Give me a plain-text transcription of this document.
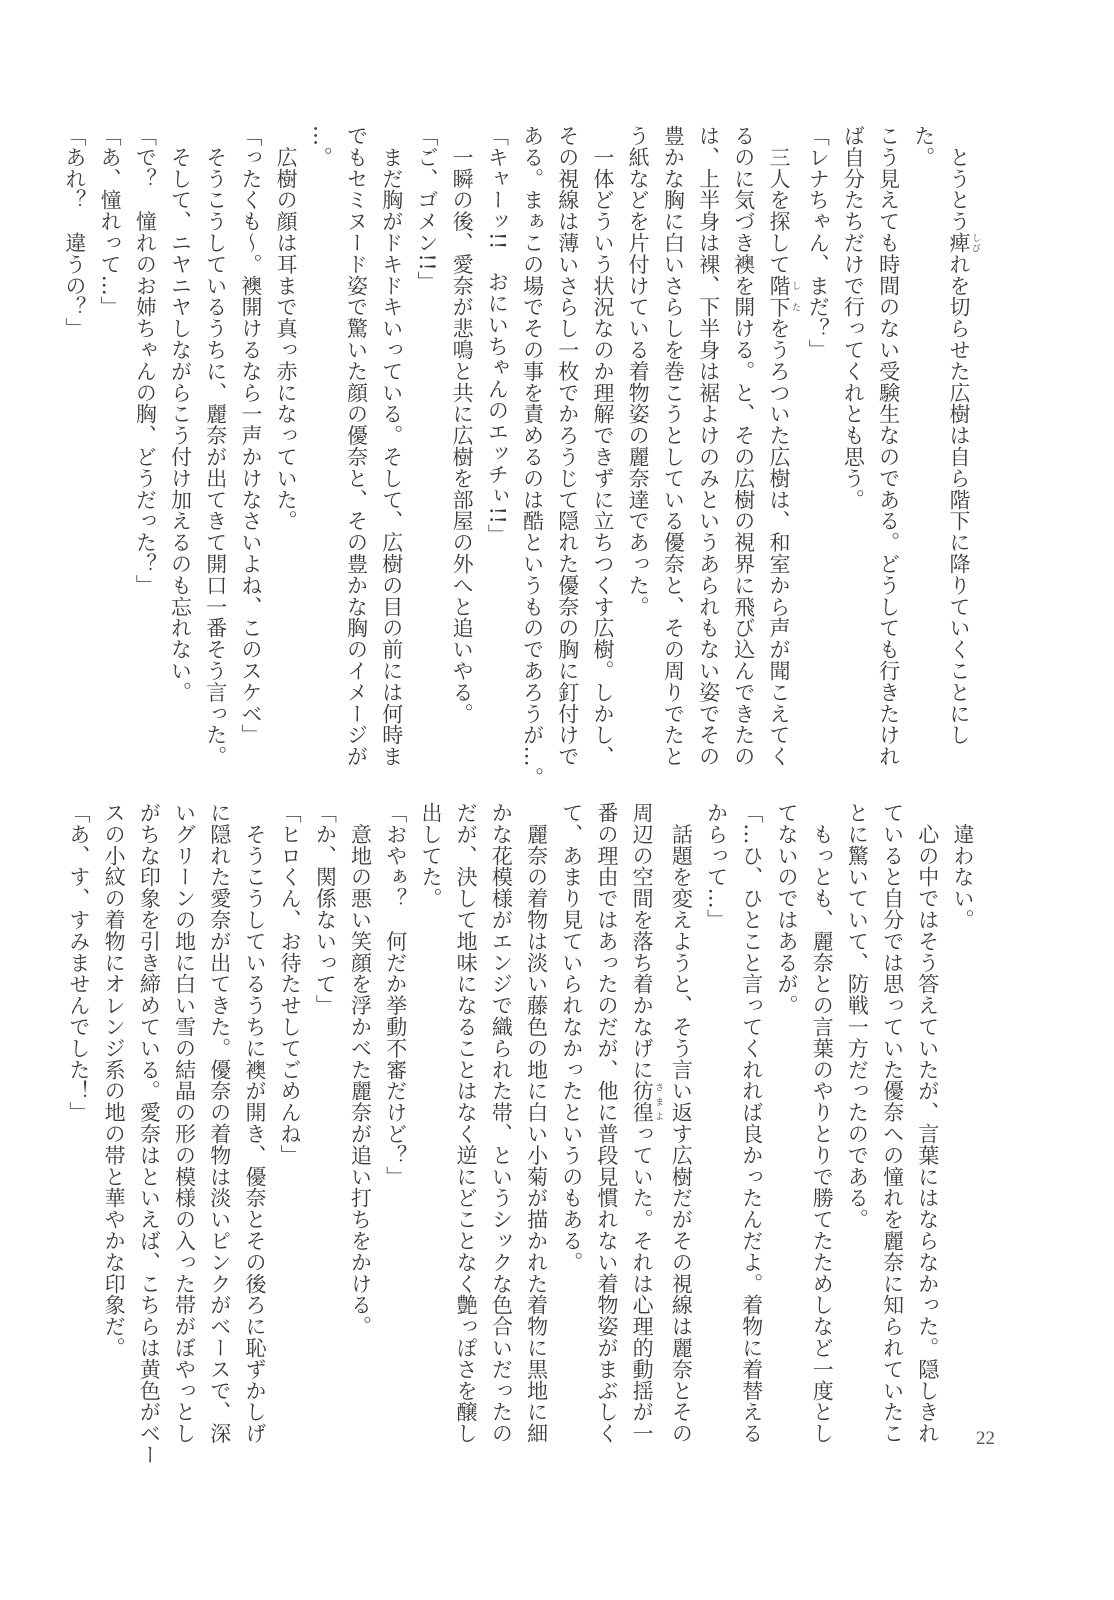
　とうとう痺 しびれを切らせた広樹は自ら階下に降りていくことにし
た。
こう見えても時間のない受験生なのである。どうしても行きたけれ
ば自分たちだけで行ってくれとも思う。
「レナちゃん、まだ？」
　三人を探して階下 したをうろついた広樹は、和室から声が聞こえてく
るのに気づき襖を開ける。と、その広樹の視界に飛び込んできたの
は、上半身は裸、下半身は裾よけのみというあられもない姿でその
豊かな胸に白いさらしを巻こうとしている優奈と、その周りでたと
う紙などを片付けている着物姿の麗奈達であった。
　一体どういう状況なのか理解できずに立ちつくす広樹。しかし、
その視線は薄いさらし一枚でかろうじて隠れた優奈の胸に釘付けで
ある。まぁこの場でその事を責めるのは酷というものであろうが…。
「キャーッ!!　おにいちゃんのエッチぃ!!」
　一瞬の後、愛奈が悲鳴と共に広樹を部屋の外へと追いやる。
「ご、ゴメン!!」
　まだ胸がドキドキいっている。そして、広樹の目の前には何時ま
でもセミヌード姿で驚いた顔の優奈と、その豊かな胸のイメージが
…。
　広樹の顔は耳まで真っ赤になっていた。
「ったくも～。襖開けるなら一声かけなさいよね、このスケベ」
　そうこうしているうちに、麗奈が出てきて開口一番そう言った。
　そして、ニヤニヤしながらこう付け加えるのも忘れない。
「で？　憧れのお姉ちゃんの胸、どうだった？」
「あ、憧れって…」
「あれ？　違うの？」
　違わない。
　心の中ではそう答えていたが、言葉にはならなかった。隠しきれ
ていると自分では思っていた優奈への憧れを麗奈に知られていたこ
とに驚いていて、防戦一方だったのである。
　もっとも、麗奈との言葉のやりとりで勝てたためしなど一度とし
てないのではあるが。
「…ひ、ひとこと言ってくれれば良かったんだよ。着物に着替える
からって…」
　話題を変えようと、そう言い返す広樹だがその視線は麗奈とその
周辺の空間を落ち着かなげに彷徨 さまよっていた。それは心理的動揺が一
番の理由ではあったのだが、他に普段見慣れない着物姿がまぶしく
て、あまり見ていられなかったというのもある。
　麗奈の着物は淡い藤色の地に白い小菊が描かれた着物に黒地に細
かな花模様がエンジで織られた帯、というシックな色合いだったの
だが、決して地味になることはなく逆にどことなく艶っぽさを醸し
出してた。
「おやぁ？　何だか挙動不審だけど？」
　意地の悪い笑顔を浮かべた麗奈が追い打ちをかける。
「か、関係ないって」
「ヒロくん、お待たせしてごめんね」
　そうこうしているうちに襖が開き、優奈とその後ろに恥ずかしげ
に隠れた愛奈が出てきた。優奈の着物は淡いピンクがベースで、深
いグリーンの地に白い雪の結晶の形の模様の入った帯がぼやっとし
がちな印象を引き締めている。愛奈はといえば、こちらは黄色がベー
スの小紋の着物にオレンジ系の地の帯と華やかな印象だ。
「あ、す、すみませんでした！」
22
